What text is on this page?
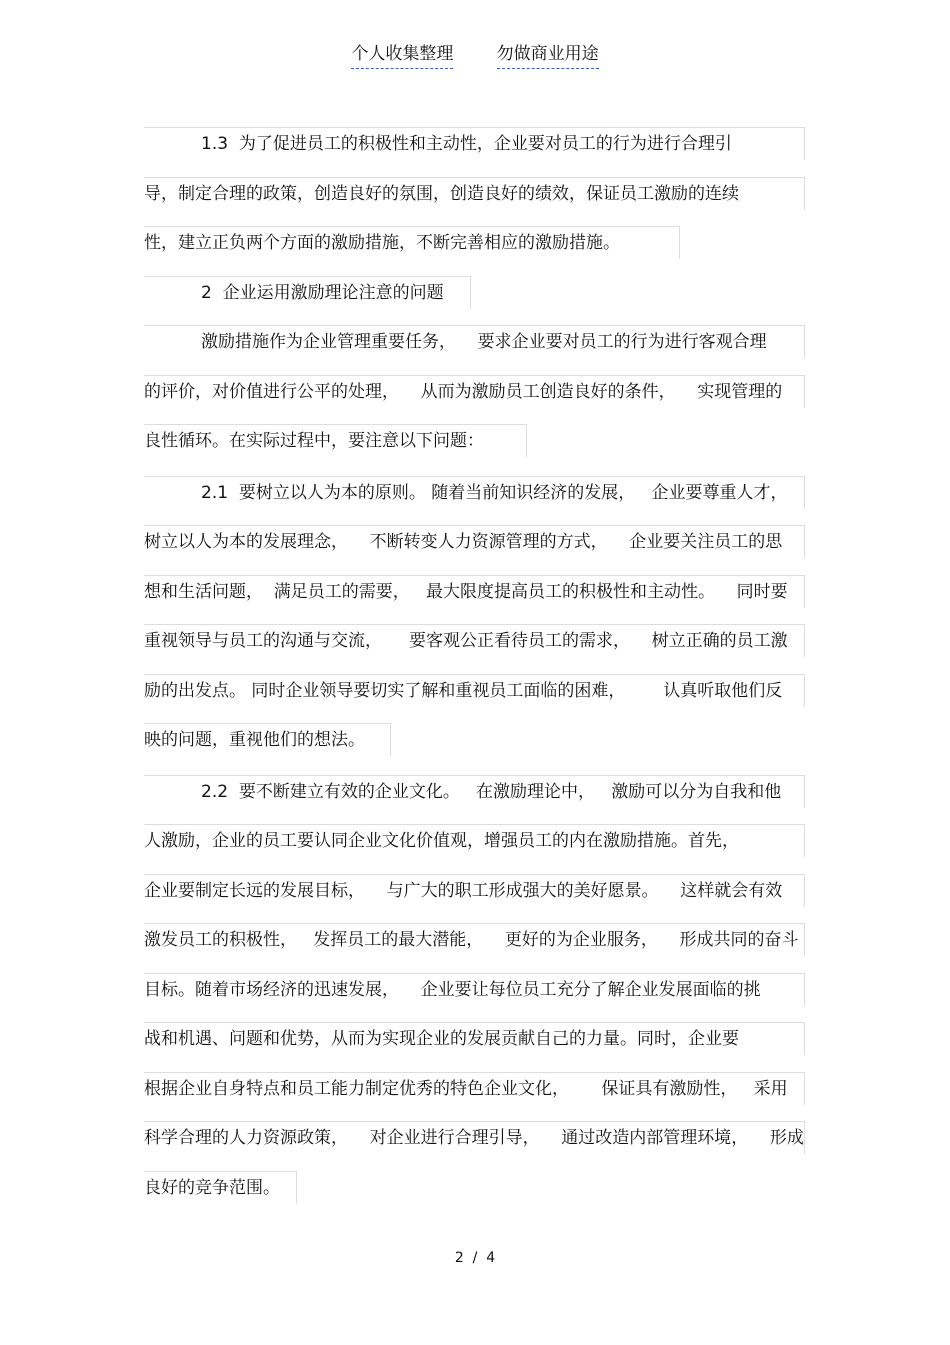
个人收集整理	勿做商业用途
1.3  为了促进员工的积极性和主动性，企业要对员工的行为进行合理引
导，制定合理的政策，创造良好的氛围，创造良好的绩效，保证员工激励的连续
性，建立正负两个方面的激励措施，不断完善相应的激励措施。
2  企业运用激励理论注意的问题
激励措施作为企业管理重要任务，    要求企业要对员工的行为进行客观合理
的评价，对价值进行公平的处理，    从而为激励员工创造良好的条件，    实现管理的
良性循环。在实际过程中，要注意以下问题：
2.1  要树立以人为本的原则。 随着当前知识经济的发展，   企业要尊重人才，
树立以人为本的发展理念，    不断转变人力资源管理的方式，    企业要关注员工的思
想和生活问题，  满足员工的需要，   最大限度提高员工的积极性和主动性。    同时要
重视领导与员工的沟通与交流，     要客观公正看待员工的需求，    树立正确的员工激
励的出发点。 同时企业领导要切实了解和重视员工面临的困难，       认真听取他们反
映的问题，重视他们的想法。
2.2  要不断建立有效的企业文化。   在激励理论中，   激励可以分为自我和他
人激励，企业的员工要认同企业文化价值观，增强员工的内在激励措施。首先，
企业要制定长远的发展目标，    与广大的职工形成强大的美好愿景。    这样就会有效
激发员工的积极性，   发挥员工的最大潜能，    更好的为企业服务，    形成共同的奋斗
目标。随着市场经济的迅速发展，    企业要让每位员工充分了解企业发展面临的挑
战和机遇、问题和优势，从而为实现企业的发展贡献自己的力量。同时，企业要
根据企业自身特点和员工能力制定优秀的特色企业文化，      保证具有激励性，   采用
科学合理的人力资源政策，    对企业进行合理引导，    通过改造内部管理环境，    形成
良好的竞争范围。
2  /  4
